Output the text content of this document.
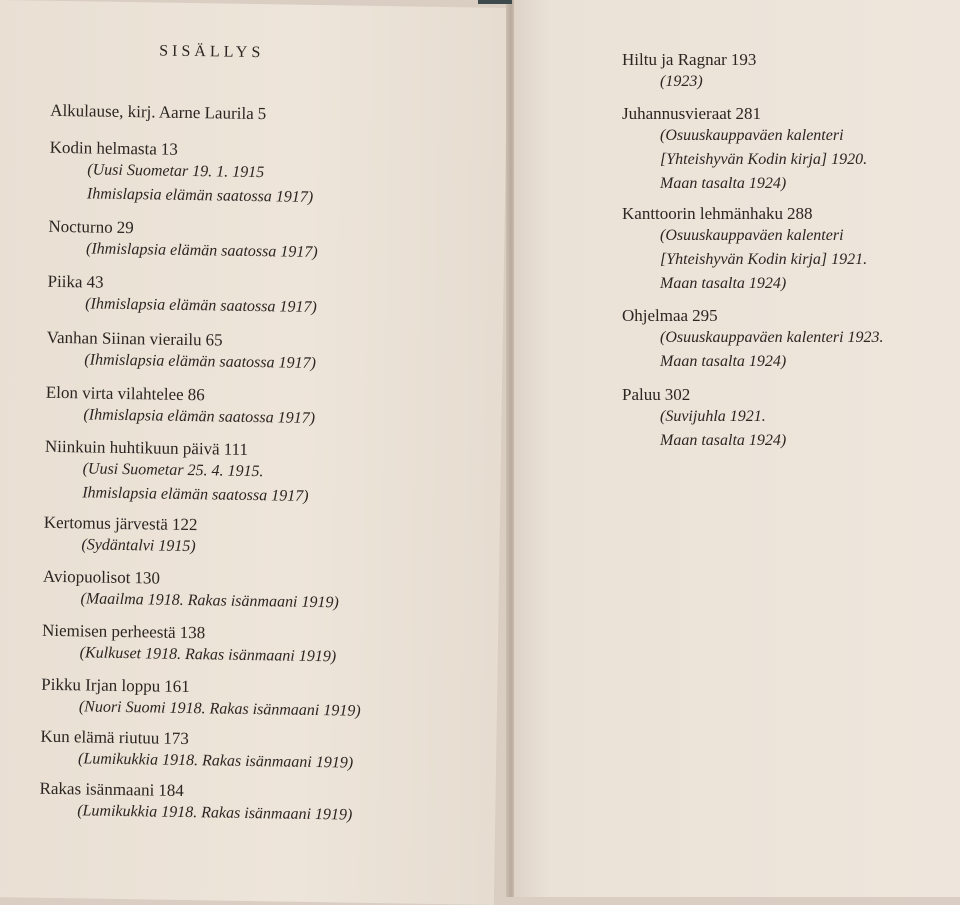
SISÄLLYS
Alkulause, kirj. Aarne Laurila 5
Kodin helmasta 13
(Uusi Suometar 19. 1. 1915
Ihmislapsia elämän saatossa 1917)
Nocturno 29
(Ihmislapsia elämän saatossa 1917)
Piika 43
(Ihmislapsia elämän saatossa 1917)
Vanhan Siinan vierailu 65
(Ihmislapsia elämän saatossa 1917)
Elon virta vilahtelee 86
(Ihmislapsia elämän saatossa 1917)
Niinkuin huhtikuun päivä 111
(Uusi Suometar 25. 4. 1915.
Ihmislapsia elämän saatossa 1917)
Kertomus järvestä 122
(Sydäntalvi 1915)
Aviopuolisot 130
(Maailma 1918. Rakas isänmaani 1919)
Niemisen perheestä 138
(Kulkuset 1918. Rakas isänmaani 1919)
Pikku Irjan loppu 161
(Nuori Suomi 1918. Rakas isänmaani 1919)
Kun elämä riutuu 173
(Lumikukkia 1918. Rakas isänmaani 1919)
Rakas isänmaani 184
(Lumikukkia 1918. Rakas isänmaani 1919)
Hiltu ja Ragnar 193
(1923)
Juhannusvieraat 281
(Osuuskauppaväen kalenteri
[Yhteishyvän Kodin kirja] 1920.
Maan tasalta 1924)
Kanttoorin lehmänhaku 288
(Osuuskauppaväen kalenteri
[Yhteishyvän Kodin kirja] 1921.
Maan tasalta 1924)
Ohjelmaa 295
(Osuuskauppaväen kalenteri 1923.
Maan tasalta 1924)
Paluu 302
(Suvijuhla 1921.
Maan tasalta 1924)
